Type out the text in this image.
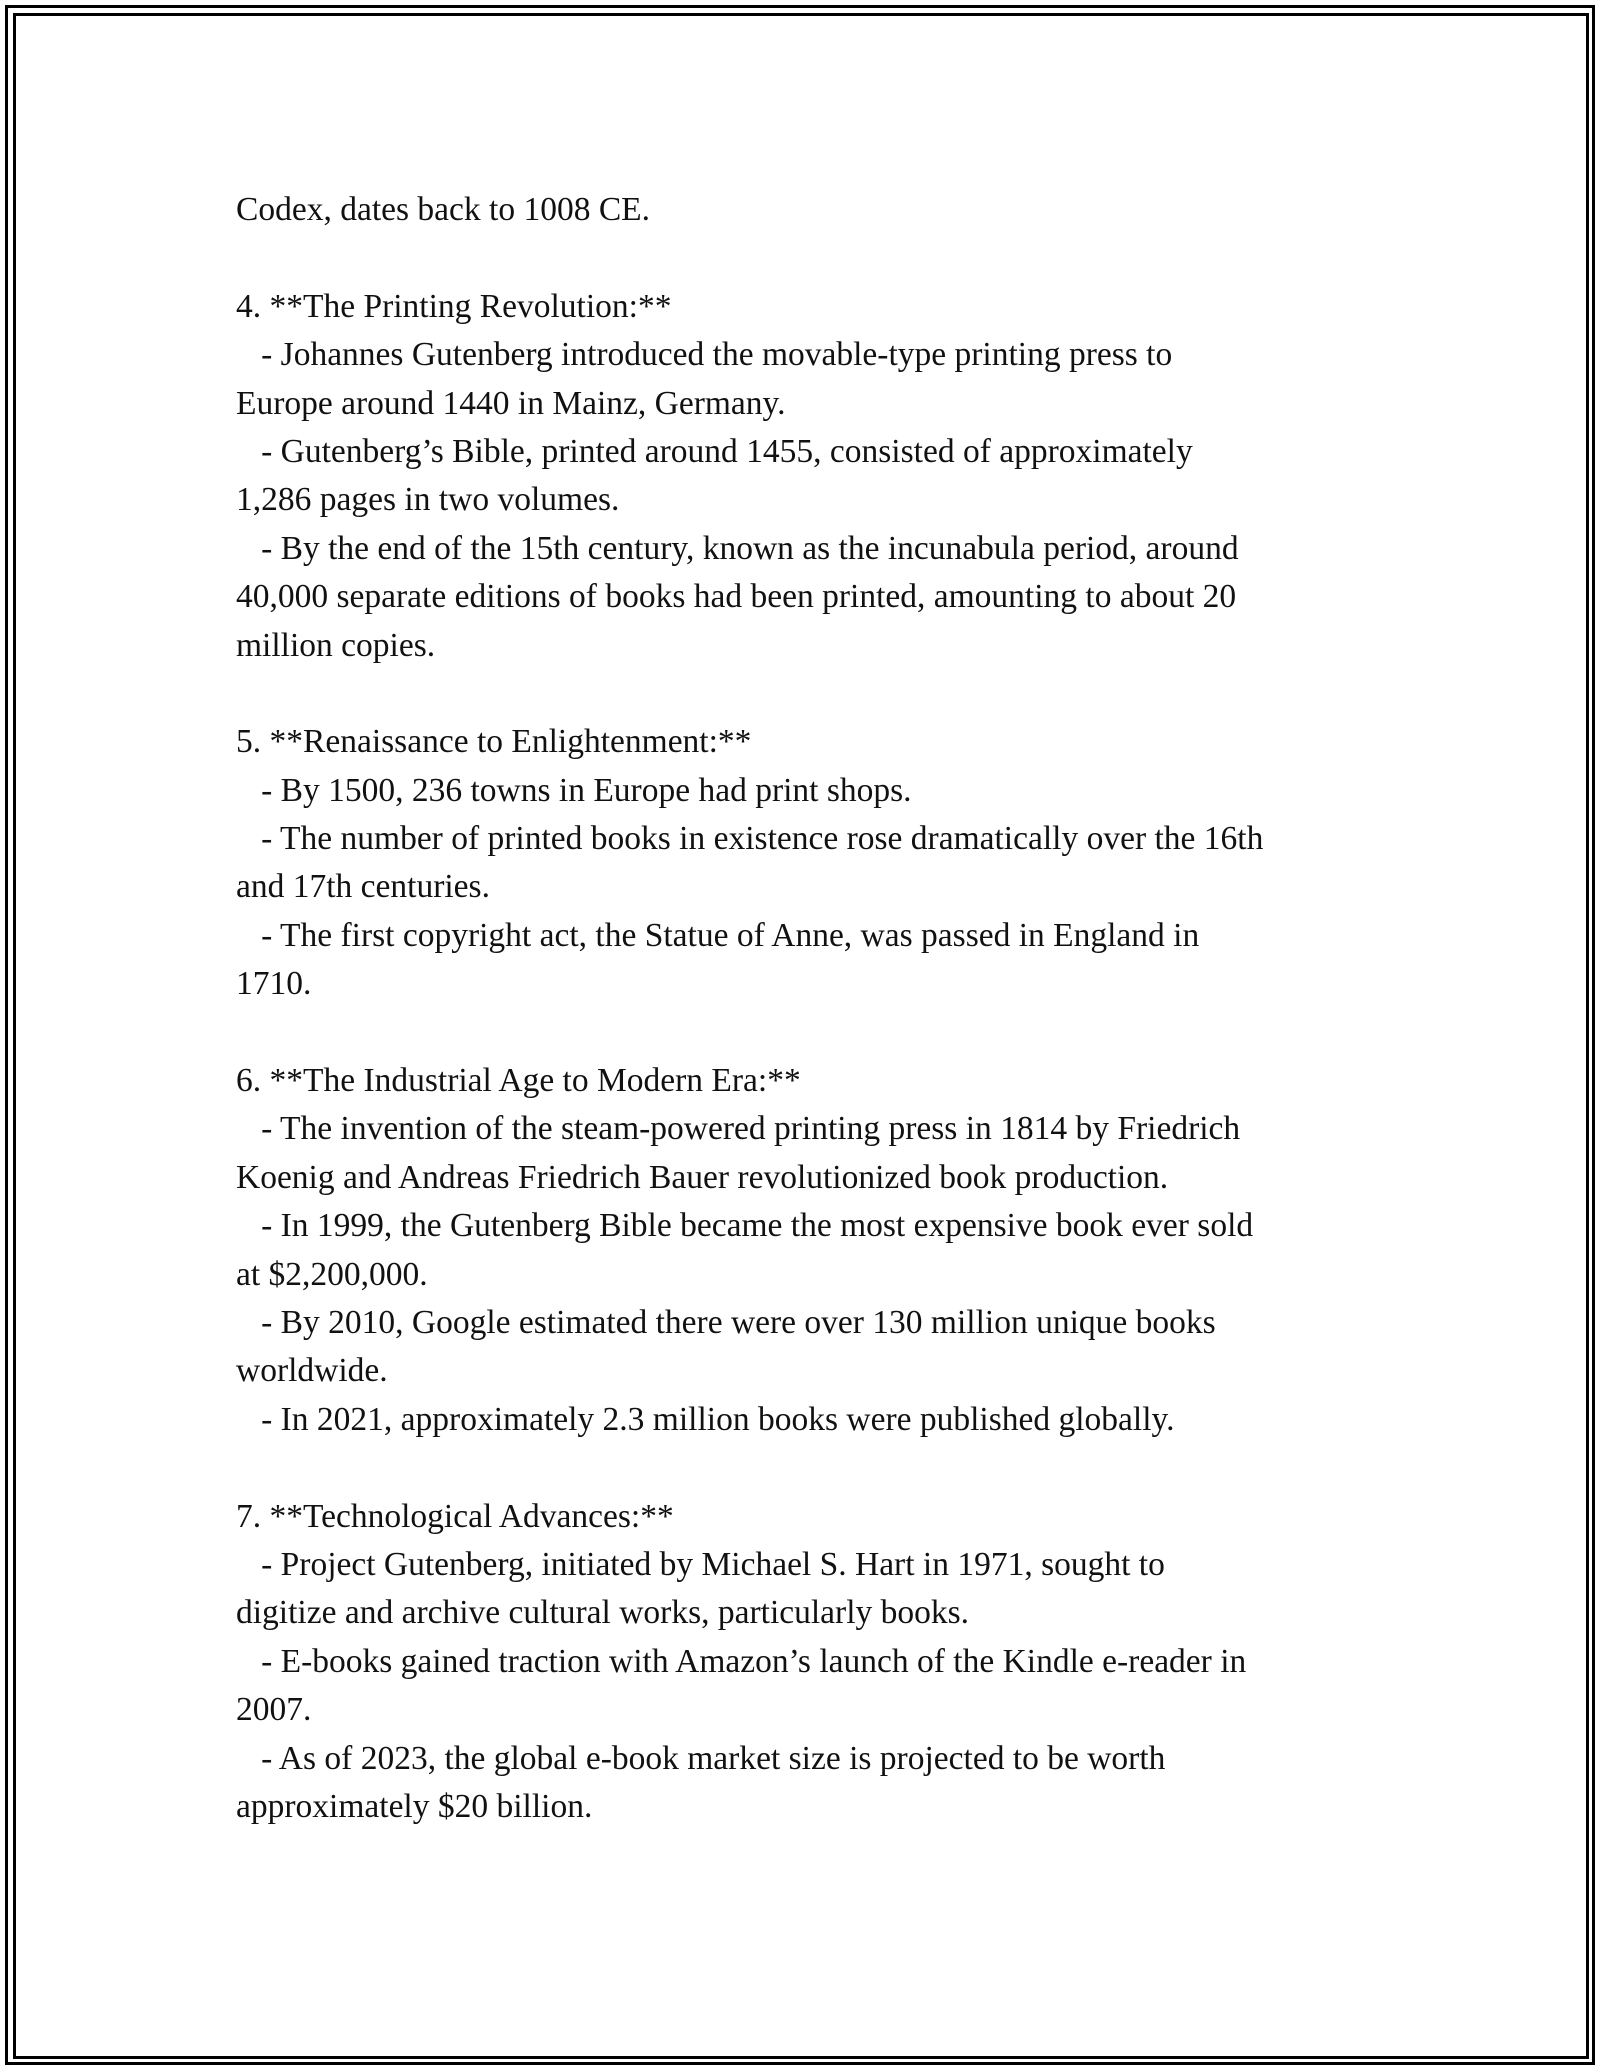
Codex, dates back to 1008 CE.
4. **The Printing Revolution:**
- Johannes Gutenberg introduced the movable-type printing press to
Europe around 1440 in Mainz, Germany.
- Gutenberg’s Bible, printed around 1455, consisted of approximately
1,286 pages in two volumes.
- By the end of the 15th century, known as the incunabula period, around
40,000 separate editions of books had been printed, amounting to about 20
million copies.
5. **Renaissance to Enlightenment:**
- By 1500, 236 towns in Europe had print shops.
- The number of printed books in existence rose dramatically over the 16th
and 17th centuries.
- The first copyright act, the Statue of Anne, was passed in England in
1710.
6. **The Industrial Age to Modern Era:**
- The invention of the steam-powered printing press in 1814 by Friedrich
Koenig and Andreas Friedrich Bauer revolutionized book production.
- In 1999, the Gutenberg Bible became the most expensive book ever sold
at $2,200,000.
- By 2010, Google estimated there were over 130 million unique books
worldwide.
- In 2021, approximately 2.3 million books were published globally.
7. **Technological Advances:**
- Project Gutenberg, initiated by Michael S. Hart in 1971, sought to
digitize and archive cultural works, particularly books.
- E-books gained traction with Amazon’s launch of the Kindle e-reader in
2007.
- As of 2023, the global e-book market size is projected to be worth
approximately $20 billion.
